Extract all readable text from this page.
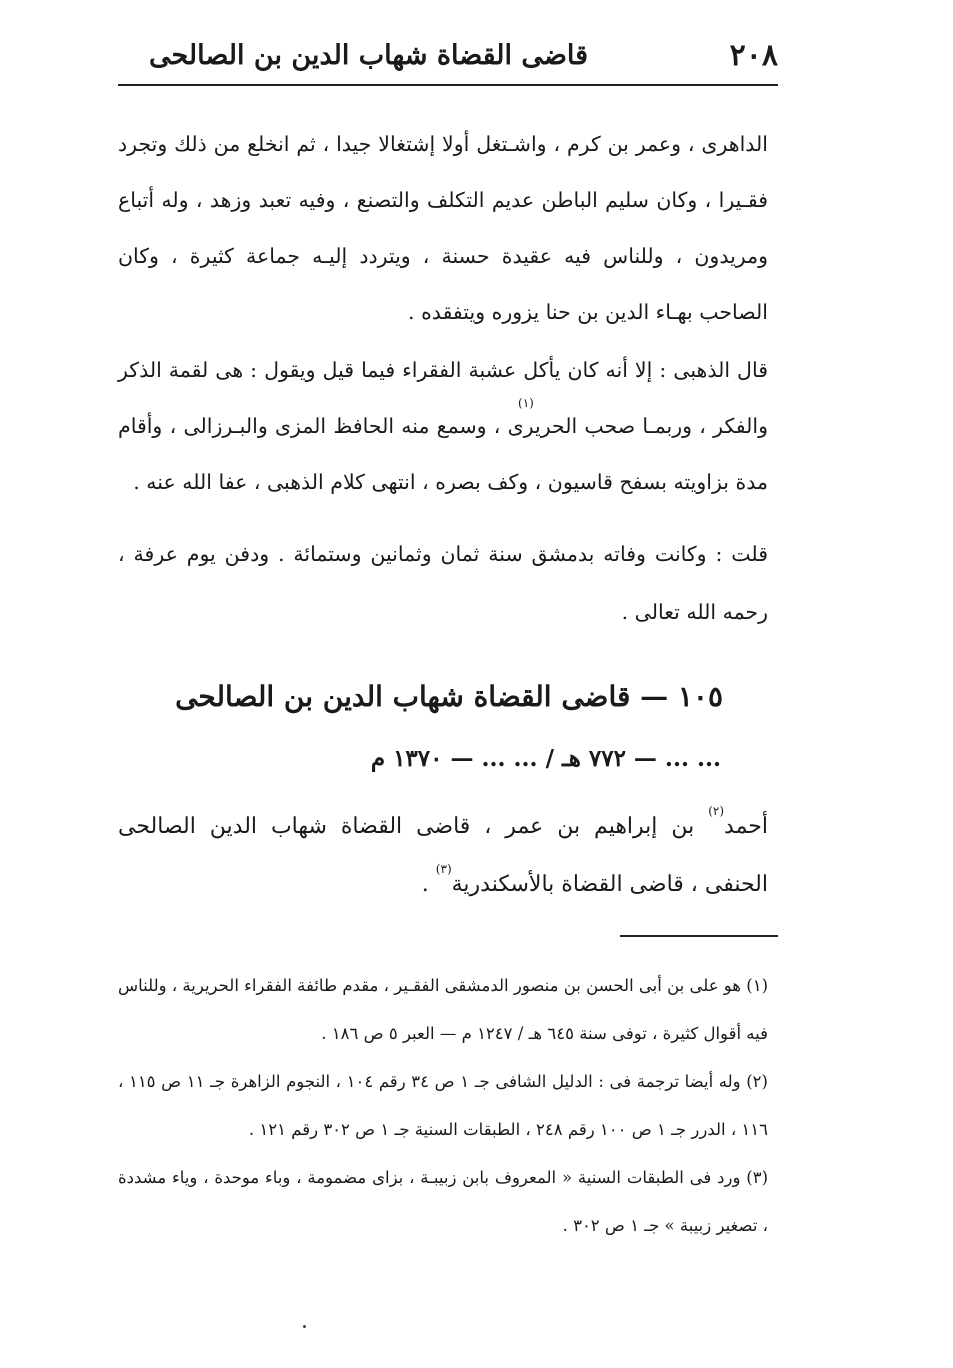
٢٠٨
قاضى القضاة شهاب الدين بن الصالحى

الداهرى ، وعمر بن كرم ، واشـتغل أولا إشتغالا جيدا ، ثم انخلع من ذلك وتجرد فقـيرا ، وكان سليم الباطن عديم التكلف والتصنع ، وفيه تعبد وزهد ، وله أتباع ومريدون ، وللناس فيه عقيدة حسنة ، ويتردد إليـه جماعة كثيرة ، وكان الصاحب بهـاء الدين بن حنا يزوره ويتفقده .

قال الذهبى : إلا أنه كان يأكل عشبة الفقراء فيما قيل ويقول : هى لقمة الذكر والفكر ، وربمـا صحب الحريرى ، وسمع منه الحافظ المزى والبـرزالى ، وأقام مدة بزاويته بسفح قاسيون ، وكف بصره ، انتهى كلام الذهبى ، عفا الله عنه .

(١)

قلت : وكانت وفاته بدمشق سنة ثمان وثمانين وستمائة . ودفن يوم عرفة ، رحمه الله تعالى .

١٠٥ — قاضى القضاة شهاب الدين بن الصالحى
... ... — ٧٧٢ هـ / ... ... — ١٣٧٠ م

أحمد$^{(٢)}$ بن إبراهيم بن عمر ، قاضى القضاة شهاب الدين الصالحى الحنفى ، قاضى القضاة بالأسكندرية$^{(٣)}$ .

(١) هو على بن أبى الحسن بن منصور الدمشقى الفقـير ، مقدم طائفة الفقراء الحريرية ، وللناس فيه أقوال كثيرة ، توفى سنة ٦٤٥ هـ / ١٢٤٧ م — العبر ٥ ص ١٨٦ .
(٢) وله أيضا ترجمة فى : الدليل الشافى جـ ١ ص ٣٤ رقم ١٠٤ ، النجوم الزاهرة جـ ١١ ص ١١٥ ، ١١٦ ، الدرر جـ ١ ص ١٠٠ رقم ٢٤٨ ، الطبقات السنية جـ ١ ص ٣٠٢ رقم ١٢١ .
(٣) ورد فى الطبقات السنية « المعروف بابن زبيبـة ، بزاى مضمومة ، وباء موحدة ، وياء مشددة ، تصغير زبيبة » جـ ١ ص ٣٠٢ .
